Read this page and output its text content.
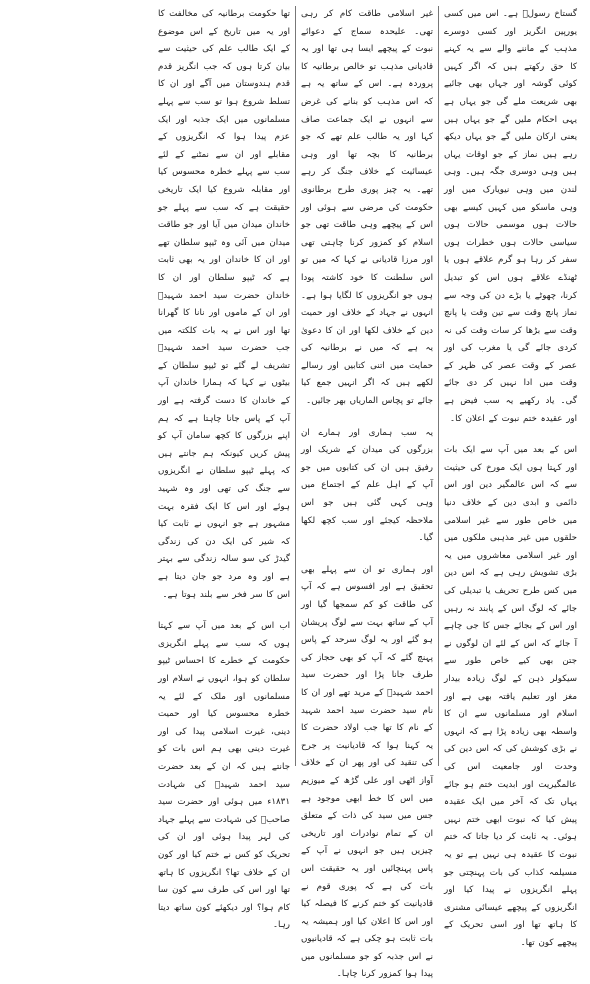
گستاخ رسولؐ ہے۔ اس میں کسی یورپین انگریز اور کسی دوسرے مذہب کے ماننے والے سے یہ کہنے کا حق رکھتے ہیں کہ اگر کہیں کوئی گوشہ اور جہاں بھی جائیے بھی شریعت ملے گی جو یہاں ہے یہی احکام ملیں گے جو یہاں ہیں یعنی ارکان ملیں گے جو یہاں دیکھ رہے ہیں نماز کے جو اوقات یہاں ہیں وہی دوسری جگہ ہیں۔ وہی لندن میں وہی نیویارک میں اور وہی ماسکو میں کہیں کیسے بھی حالات ہوں موسمی حالات ہوں سیاسی حالات ہوں خطرات ہوں سفر کر رہا ہو گرم علاقے ہوں یا ٹھنڈے علاقے ہوں اس کو تبدیل کرنا، چھوٹے یا بڑے دن کی وجہ سے نماز پانچ وقت سے تین وقت یا پانچ وقت سے بڑھا کر سات وقت کی نہ کردی جائے گی یا مغرب کی اور عصر کے وقت عصر کی ظہر کے وقت میں ادا نہیں کر دی جائے گی۔ یاد رکھیے یہ سب فیض ہے اور عقیدہ ختم نبوت کے اعلان کا۔

اس کے بعد میں آپ سے ایک بات اور کہتا ہوں ایک مورخ کی حیثیت سے کہ اس عالمگیر دین اور اس دائمی و ابدی دین کے خلاف دنیا میں خاص طور سے غیر اسلامی حلقوں میں غیر مذہبی ملکوں میں اور غیر اسلامی معاشروں میں یہ بڑی تشویش رہی ہے کہ اس دین میں کس طرح تحریف یا تبدیلی کی جائے کہ لوگ اس کے پابند نہ رہیں اور اس کے بجائے جس کا جی چاہے آ جائے کہ اس کے لئے ان لوگوں نے جتن بھی کیے خاص طور سے سیکولر ذہن کے لوگ زیادہ بیدار مغز اور تعلیم یافتہ بھی ہے اور اسلام اور مسلمانوں سے ان کا واسطہ بھی زیادہ پڑا ہے کہ انہوں نے بڑی کوشش کی کہ اس دین کی وحدت اور جامعیت اس کی عالمگیریت اور ابدیت ختم ہو جائے یہاں تک کہ آخر میں ایک عقیدہ پیش کیا کہ نبوت ابھی ختم نہیں ہوئی۔ یہ ثابت کر دیا جاتا کہ ختم نبوت کا عقیدہ ہی نہیں ہے تو یہ مسیلمہ کذاب کی بات پہنچتی جو پہلے انگریزوں نے پیدا کیا اور انگریزوں کے پیچھے عیسائی مشنری کا ہاتھ تھا اور اسی تحریک کے پیچھے کون تھا۔

غیر اسلامی طاقت کام کر رہی تھی۔ علیحدہ سماج کے دعوائے نبوت کے پیچھے ایسا ہی تھا اور یہ قادیانی مذہب تو خالص برطانیہ کا پروردہ ہے۔ اس کے ساتھ یہ ہے کہ اس مذہب کو بنانے کی غرض سے انہوں نے ایک جماعت صاف کہا اور یہ طالب علم تھے کہ جو برطانیہ کا بچہ تھا اور وہی عیسائیت کے خلاف جنگ کر رہے تھے۔ یہ چیز پوری طرح برطانوی حکومت کی مرضی سے ہوئی اور اس کے پیچھے وہی طاقت تھی جو اسلام کو کمزور کرنا چاہتی تھی اور مرزا قادیانی نے کہا کہ میں تو اس سلطنت کا خود کاشتہ پودا ہوں جو انگریزوں کا لگایا ہوا ہے۔ انہوں نے جہاد کے خلاف اور حمیت دین کے خلاف لکھا اور ان کا دعویٰ یہ ہے کہ میں نے برطانیہ کی حمایت میں اتنی کتابیں اور رسالے لکھے ہیں کہ اگر انہیں جمع کیا جائے تو پچاس الماریاں بھر جائیں۔

یہ سب ہماری اور ہمارے ان بزرگوں کی میدان کے شریک اور رفیق ہیں ان کی کتابوں میں جو آپ کے اہل علم کے اجتماع میں وہی کہی گئی ہیں جو اس ملاحظہ کیجئے اور سب کچھ لکھا گیا۔

اور ہماری تو ان سے پہلے بھی تحقیق ہے اور افسوس ہے کہ آپ کی طاقت کو کم سمجھا گیا اور آپ کے ساتھ بہت سے لوگ پریشان ہو گئے اور یہ لوگ سرحد کے پاس پہنچ گئے کہ آپ کو بھی حجاز کی طرف جانا پڑا اور حضرت سید احمد شہیدؒ کے مرید تھے اور ان کا نام سید حضرت سید احمد شہید کے نام کا تھا جب اولاد حضرت کا یہ کہنا ہوا کہ قادیانیت پر جرح کی تنقید کی اور پھر ان کے خلاف آواز اٹھی اور علی گڑھ کے میوزیم میں اس کا خط ابھی موجود ہے جس میں سید کی ذات کے متعلق ان کے تمام نوادرات اور تاریخی چیزیں ہیں جو انہوں نے آپ کے پاس پہنچائیں اور یہ حقیقت اس بات کی ہے کہ پوری قوم نے قادیانیت کو ختم کرنے کا فیصلہ کیا اور اس کا اعلان کیا اور ہمیشہ یہ بات ثابت ہو چکی ہے کہ قادیانیوں نے اس جذبہ کو جو مسلمانوں میں پیدا ہوا کمزور کرنا چاہا۔

تھا حکومت برطانیہ کی مخالفت کا اور یہ میں تاریخ کے اس موضوع کے ایک طالب علم کی حیثیت سے بیان کرتا ہوں کہ جب انگریز قدم قدم ہندوستان میں آگے اور ان کا تسلط شروع ہوا تو سب سے پہلے مسلمانوں میں ایک جذبہ اور ایک عزم پیدا ہوا کہ انگریزوں کے مقابلے اور ان سے نمٹنے کے لئے سب سے پہلے خطرہ محسوس کیا اور مقابلہ شروع کیا ایک تاریخی حقیقت ہے کہ سب سے پہلے جو خاندان میدان میں آیا اور جو طاقت میدان میں آئی وہ ٹیپو سلطان تھے اور ان کا خاندان اور یہ بھی ثابت ہے کہ ٹیپو سلطان اور ان کا خاندان حضرت سید احمد شہیدؒ اور ان کے ماموں اور نانا کا گھرانا تھا اور اس نے یہ بات کلکتہ میں جب حضرت سید احمد شہیدؒ تشریف لے گئے تو ٹیپو سلطان کے بیٹوں نے کہا کہ ہمارا خاندان آپ کے خاندان کا دست گرفتہ ہے اور آپ کے پاس جانا چاہتا ہے کہ ہم اپنے بزرگوں کا کچھ سامان آپ کو پیش کریں کیونکہ ہم جانتے ہیں کہ پہلے ٹیپو سلطان نے انگریزوں سے جنگ کی تھی اور وہ شہید ہوئے اور اس کا ایک فقرہ بہت مشہور ہے جو انہوں نے ثابت کیا کہ شیر کی ایک دن کی زندگی گیدڑ کی سو سالہ زندگی سے بہتر ہے اور وہ مرد جو جان دیتا ہے اس کا سر فخر سے بلند ہوتا ہے۔

اب اس کے بعد میں آپ سے کہتا ہوں کہ سب سے پہلے انگریزی حکومت کے خطرے کا احساس ٹیپو سلطان کو ہوا، انہوں نے اسلام اور مسلمانوں اور ملک کے لئے یہ خطرہ محسوس کیا اور حمیت دینی، غیرت اسلامی پیدا کی اور غیرت دینی بھی ہم اس بات کو جانتے ہیں کہ ان کے بعد حضرت سید احمد شہیدؒ کی شہادت ۱۸۳۱ء میں ہوئی اور حضرت سید صاحبؒ کی شہادت سے پہلے جہاد کی لہر پیدا ہوئی اور ان کی تحریک کو کس نے ختم کیا اور کون ان کے خلاف تھا؟ انگریزوں کا ہاتھ تھا اور اس کی طرف سے کون سا کام ہوا؟ اور دیکھئے کون ساتھ دیتا رہا۔
